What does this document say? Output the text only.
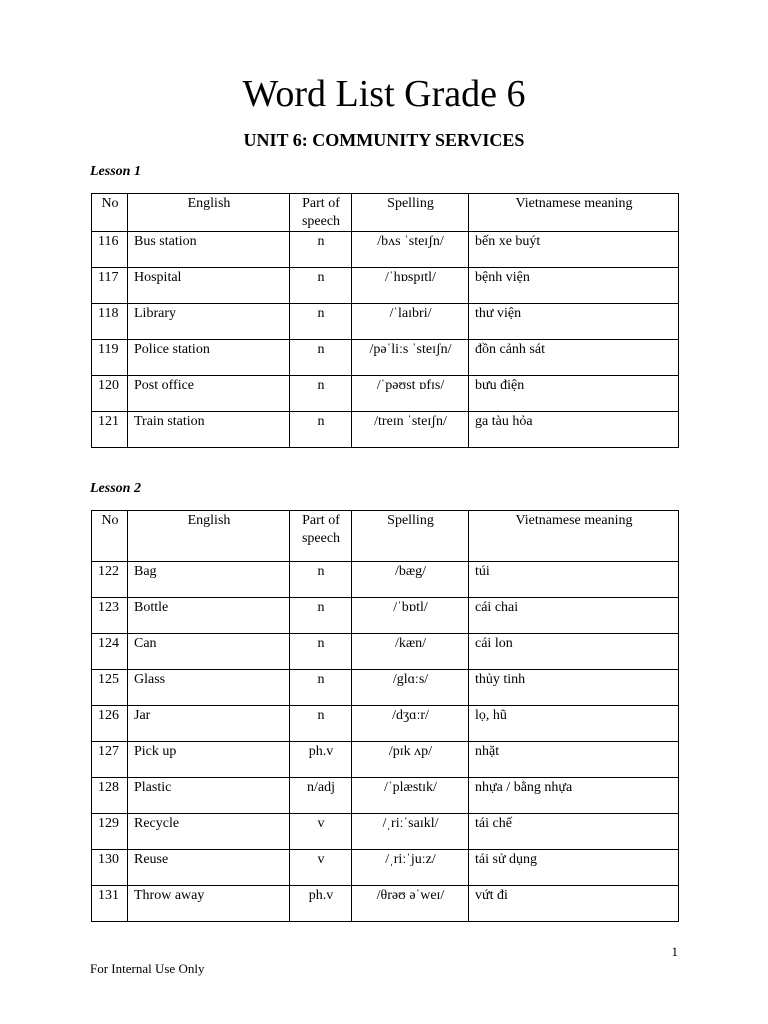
Word List Grade 6
UNIT 6: COMMUNITY SERVICES
Lesson 1
No	English	Part of speech	Spelling	Vietnamese meaning
116	Bus station	n	/bʌs ˈsteɪʃn/	bến xe buýt
117	Hospital	n	/ˈhɒspɪtl/	bệnh viện
118	Library	n	/ˈlaɪbri/	thư viện
119	Police station	n	/pəˈliːs ˈsteɪʃn/	đồn cảnh sát
120	Post office	n	/ˈpəʊst ɒfɪs/	bưu điện
121	Train station	n	/treɪn ˈsteɪʃn/	ga tàu hỏa
Lesson 2
No	English	Part of speech	Spelling	Vietnamese meaning
122	Bag	n	/bæg/	túi
123	Bottle	n	/ˈbɒtl/	cái chai
124	Can	n	/kæn/	cái lon
125	Glass	n	/glɑːs/	thủy tinh
126	Jar	n	/dʒɑːr/	lọ, hũ
127	Pick up	ph.v	/pɪk ʌp/	nhặt
128	Plastic	n/adj	/ˈplæstɪk/	nhựa / bằng nhựa
129	Recycle	v	/ˌriːˈsaɪkl/	tái chế
130	Reuse	v	/ˌriːˈjuːz/	tái sử dụng
131	Throw away	ph.v	/θrəʊ əˈweɪ/	vứt đi
1
For Internal Use Only
